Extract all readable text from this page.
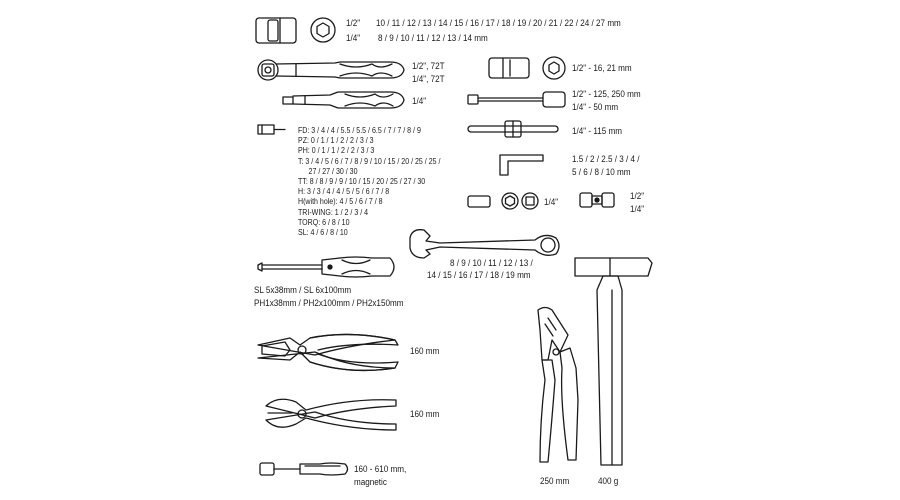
1/2" 10 / 11 / 12 / 13 / 14 / 15 / 16 / 17 / 18 / 19 / 20 / 21 / 22 / 24 / 27 mm
1/4" 8 / 9 / 10 / 11 / 12 / 13 / 14 mm
1/2", 72T
1/4", 72T
1/4"
1/2" - 16, 21 mm
1/2" - 125, 250 mm
1/4" - 50 mm
1/4" - 115 mm
FD: 3 / 4 / 4 / 5.5 / 5.5 / 6.5 / 7 / 7 / 8 / 9
PZ: 0 / 1 / 1 / 2 / 2 / 3 / 3
PH: 0 / 1 / 1 / 2 / 2 / 3 / 3
T: 3 / 4 / 5 / 6 / 7 / 8 / 9 / 10 / 15 / 20 / 25 / 25 /
27 / 27 / 30 / 30
TT: 8 / 8 / 9 / 9 / 10 / 15 / 20 / 25 / 27 / 30
H: 3 / 3 / 4 / 4 / 5 / 5 / 6 / 7 / 8
H(with hole): 4 / 5 / 6 / 7 / 8
TRI-WING: 1 / 2 / 3 / 4
TORQ: 6 / 8 / 10
SL: 4 / 6 / 8 / 10
1.5 / 2 / 2.5 / 3 / 4 /
5 / 6 / 8 / 10 mm
1/4"
1/2"
1/4"
8 / 9 / 10 / 11 / 12 / 13 /
14 / 15 / 16 / 17 / 18 / 19 mm
SL 5x38mm / SL 6x100mm
PH1x38mm / PH2x100mm / PH2x150mm
160 mm
160 mm
160 - 610 mm,
magnetic	250 mm	400 g
